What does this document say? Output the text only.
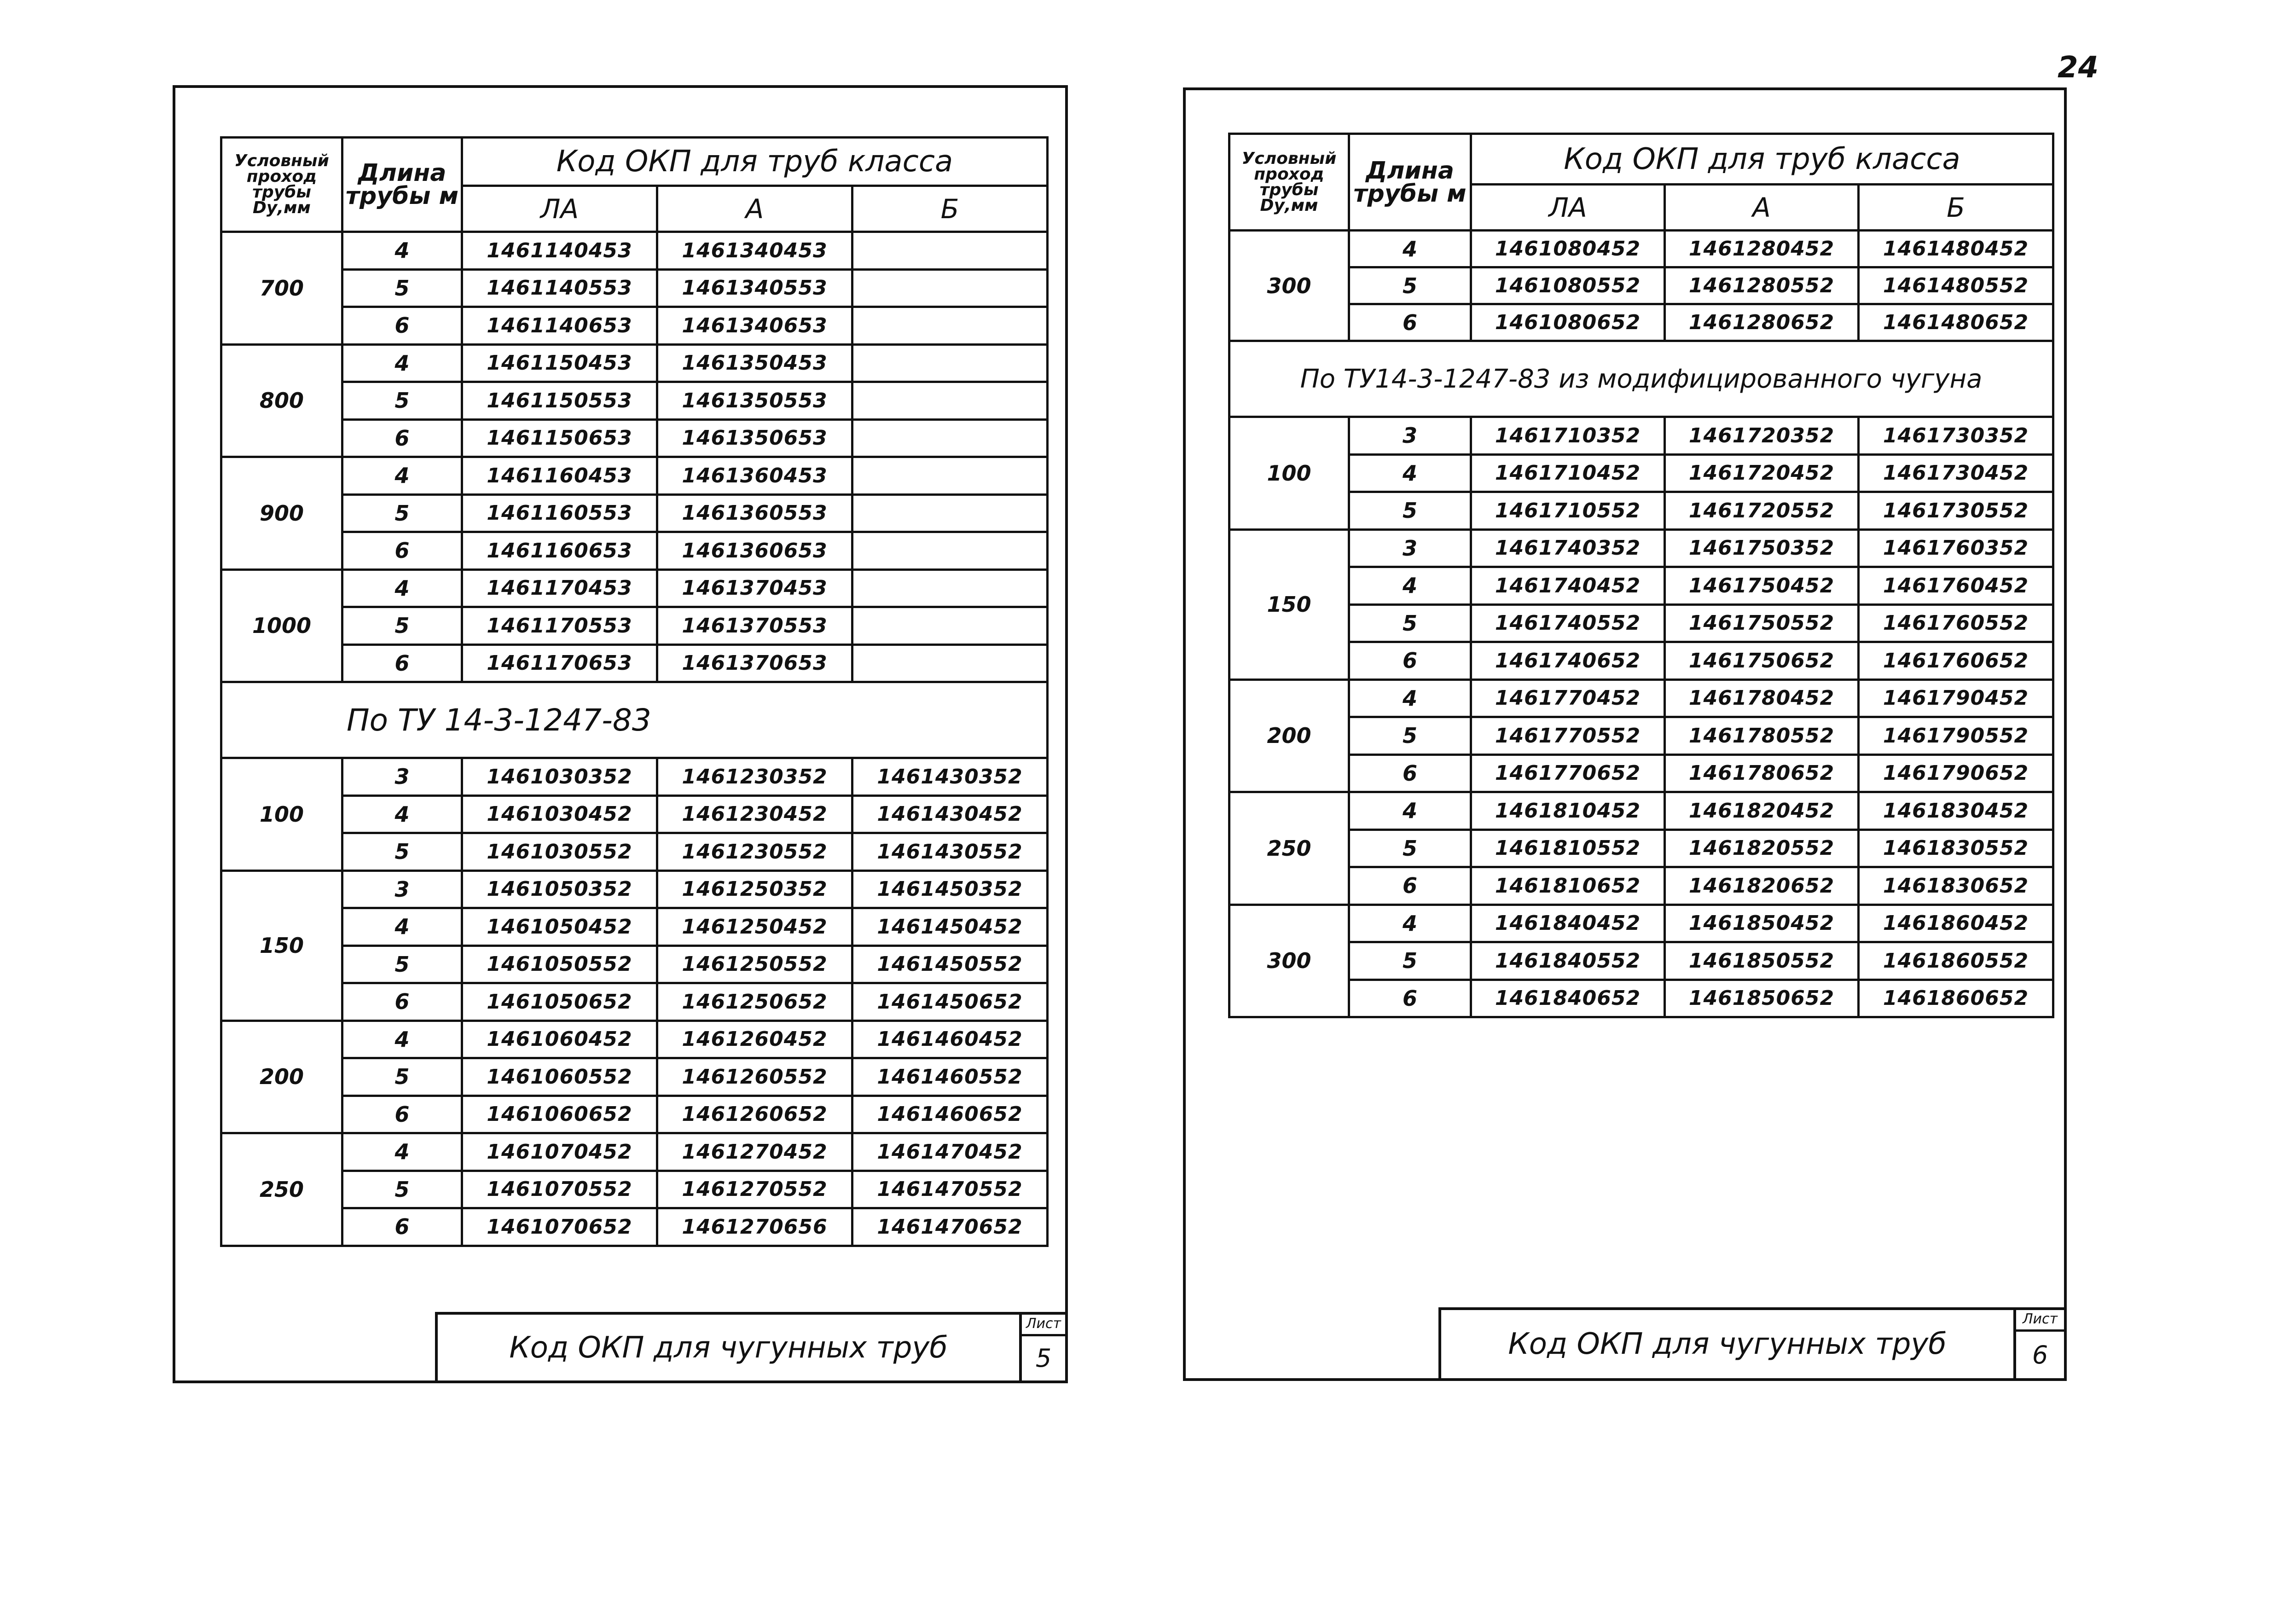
24
Условный проход трубы Dу,мм	Длина трубы м	Код ОКП для труб класса		
		ЛА	А	Б
700	4	1461140453	1461340453	
	5	1461140553	1461340553	
	6	1461140653	1461340653	
800	4	1461150453	1461350453	
	5	1461150553	1461350553	
	6	1461150653	1461350653	
900	4	1461160453	1461360453	
	5	1461160553	1461360553	
	6	1461160653	1461360653	
1000	4	1461170453	1461370453	
	5	1461170553	1461370553	
	6	1461170653	1461370653	
По ТУ 14-3-1247-83				
100	3	1461030352	1461230352	1461430352
	4	1461030452	1461230452	1461430452
	5	1461030552	1461230552	1461430552
150	3	1461050352	1461250352	1461450352
	4	1461050452	1461250452	1461450452
	5	1461050552	1461250552	1461450552
	6	1461050652	1461250652	1461450652
200	4	1461060452	1461260452	1461460452
	5	1461060552	1461260552	1461460552
	6	1461060652	1461260652	1461460652
250	4	1461070452	1461270452	1461470452
	5	1461070552	1461270552	1461470552
	6	1461070652	1461270656	1461470652
Код ОКП для чугунных труб
Лист
5
Условный проход трубы Dу,мм	Длина трубы м	Код ОКП для труб класса		
		ЛА	А	Б
300	4	1461080452	1461280452	1461480452
	5	1461080552	1461280552	1461480552
	6	1461080652	1461280652	1461480652
По ТУ14-3-1247-83 из модифицированного чугуна				
100	3	1461710352	1461720352	1461730352
	4	1461710452	1461720452	1461730452
	5	1461710552	1461720552	1461730552
150	3	1461740352	1461750352	1461760352
	4	1461740452	1461750452	1461760452
	5	1461740552	1461750552	1461760552
	6	1461740652	1461750652	1461760652
200	4	1461770452	1461780452	1461790452
	5	1461770552	1461780552	1461790552
	6	1461770652	1461780652	1461790652
250	4	1461810452	1461820452	1461830452
	5	1461810552	1461820552	1461830552
	6	1461810652	1461820652	1461830652
300	4	1461840452	1461850452	1461860452
	5	1461840552	1461850552	1461860552
	6	1461840652	1461850652	1461860652
Код ОКП для чугунных труб
Лист
6
